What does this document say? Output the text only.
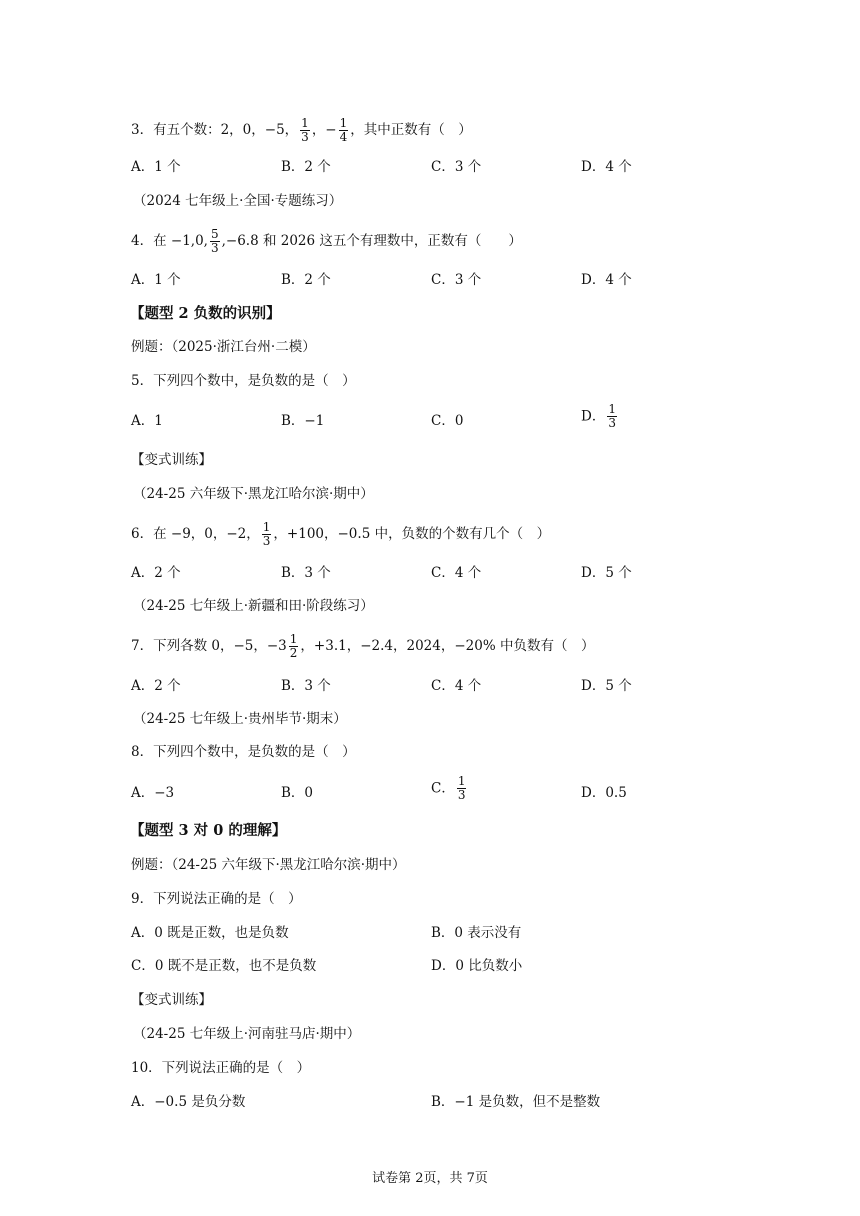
3．有五个数：2，0，−5， $\frac{1}{3}$ ，− $\frac{1}{4}$ ，其中正数有（　）
A．1 个	B．2 个	C．3 个	D．4 个
（2024 七年级上·全国·专题练习）
4．在 −1,0, $\frac{5}{3} ,-6.8$ 和 2026 这五个有理数中，正数有（　　）
A．1 个	B．2 个	C．3 个	D．4 个
【题型 2 负数的识别】
例题：（2025·浙江台州·二模）
5．下列四个数中，是负数的是（　）
A．1	B．−1	C．0	D． $\frac{1}{3}$
【变式训练】
（24-25 六年级下·黑龙江哈尔滨·期中）
6．在 −9，0，−2， $\frac{1}{3}$ ，+100，−0.5 中，负数的个数有几个（　）
A．2 个	B．3 个	C．4 个	D．5 个
（24-25 七年级上·新疆和田·阶段练习）
7．下列各数 0，−5，$-3 \frac{1}{2}$ ，+3.1，−2.4，2024，−20% 中负数有（　）
A．2 个	B．3 个	C．4 个	D．5 个
（24-25 七年级上·贵州毕节·期末）
8．下列四个数中，是负数的是（　）
A．−3	B．0	C． $\frac{1}{3}$	D．0.5
【题型 3 对 0 的理解】
例题：（24-25 六年级下·黑龙江哈尔滨·期中）
9．下列说法正确的是（　）
A．0 既是正数，也是负数	B．0 表示没有
C．0 既不是正数，也不是负数	D．0 比负数小
【变式训练】
（24-25 七年级上·河南驻马店·期中）
10．下列说法正确的是（　）
A．−0.5 是负分数	B．−1 是负数，但不是整数
试卷第 2页，共 7页
